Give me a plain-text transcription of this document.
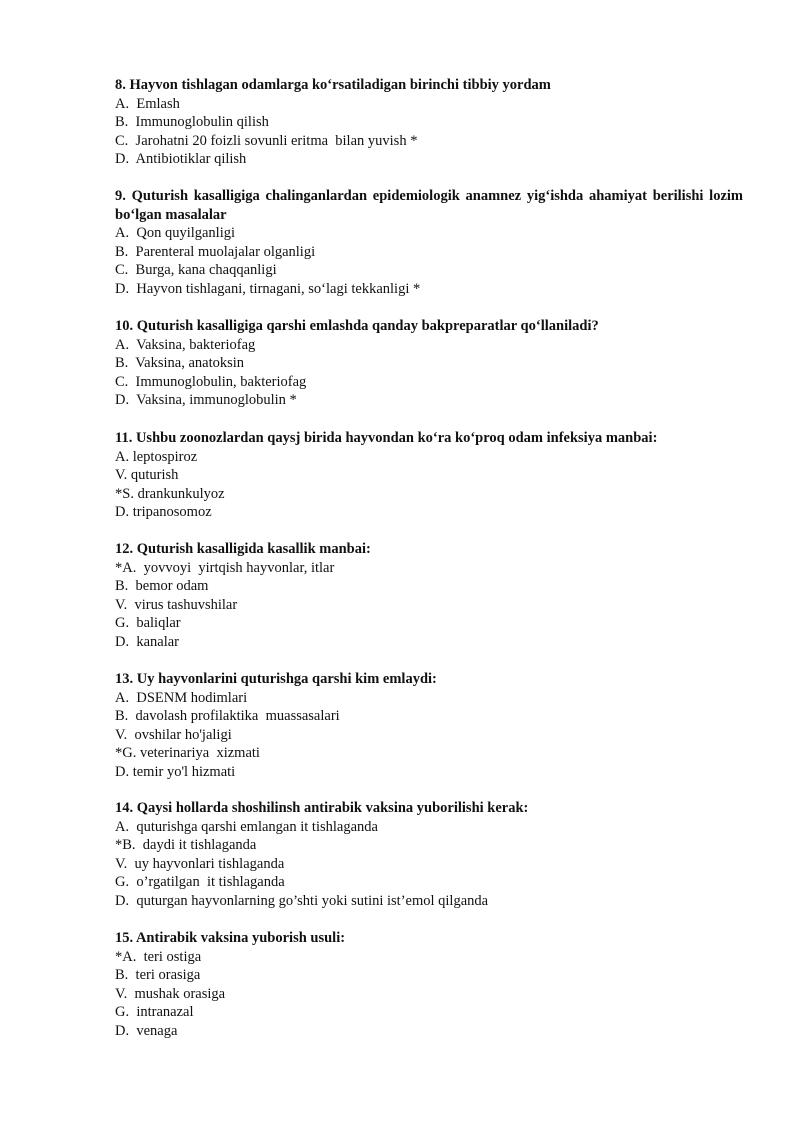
8. Hayvon tishlagan odamlarga koʻrsatiladigan birinchi tibbiy yordam

A.  Emlash

B.  Immunoglobulin qilish

C.  Jarohatni 20 foizli sovunli eritma  bilan yuvish *

D.  Antibiotiklar qilish

9. Quturish kasalligiga chalinganlardan epidemiologik anamnez yigʻishda ahamiyat berilishi lozim boʻlgan masalalar

A.  Qon quyilganligi

B.  Parenteral muolajalar olganligi

C.  Burga, kana chaqqanligi

D.  Hayvon tishlagani, tirnagani, soʻlagi tekkanligi *

10. Quturish kasalligiga qarshi emlashda qanday bakpreparatlar qoʻllaniladi?

A.  Vaksina, bakteriofag

B.  Vaksina, anatoksin

C.  Immunoglobulin, bakteriofag

D.  Vaksina, immunoglobulin *

11. Ushbu zoonozlardan qaysj birida hayvondan koʻra koʻproq odam infeksiya manbai:

A. leptospiroz

V. quturish

*S. drankunkulyoz

D. tripanosomoz

12. Quturish kasalligida kasallik manbai:

*A.  yovvoyi  yirtqish hayvonlar, itlar

B.  bemor odam

V.  virus tashuvshilar

G.  baliqlar

D.  kanalar

13. Uy hayvonlarini quturishga qarshi kim emlaydi:

A.  DSENM hodimlari

B.  davolash profilaktika  muassasalari

V.  ovshilar ho'jaligi

*G. veterinariya  xizmati

D. temir yo'l hizmati

14. Qaysi hollarda shoshilinsh antirabik vaksina yuborilishi kerak:

A.  quturishga qarshi emlangan it tishlaganda

*B.  daydi it tishlaganda

V.  uy hayvonlari tishlaganda

G.  o’rgatilgan  it tishlaganda

D.  quturgan hayvonlarning go’shti yoki sutini ist’emol qilganda

15. Antirabik vaksina yuborish usuli:

*A.  teri ostiga

B.  teri orasiga

V.  mushak orasiga

G.  intranazal

D.  venaga
